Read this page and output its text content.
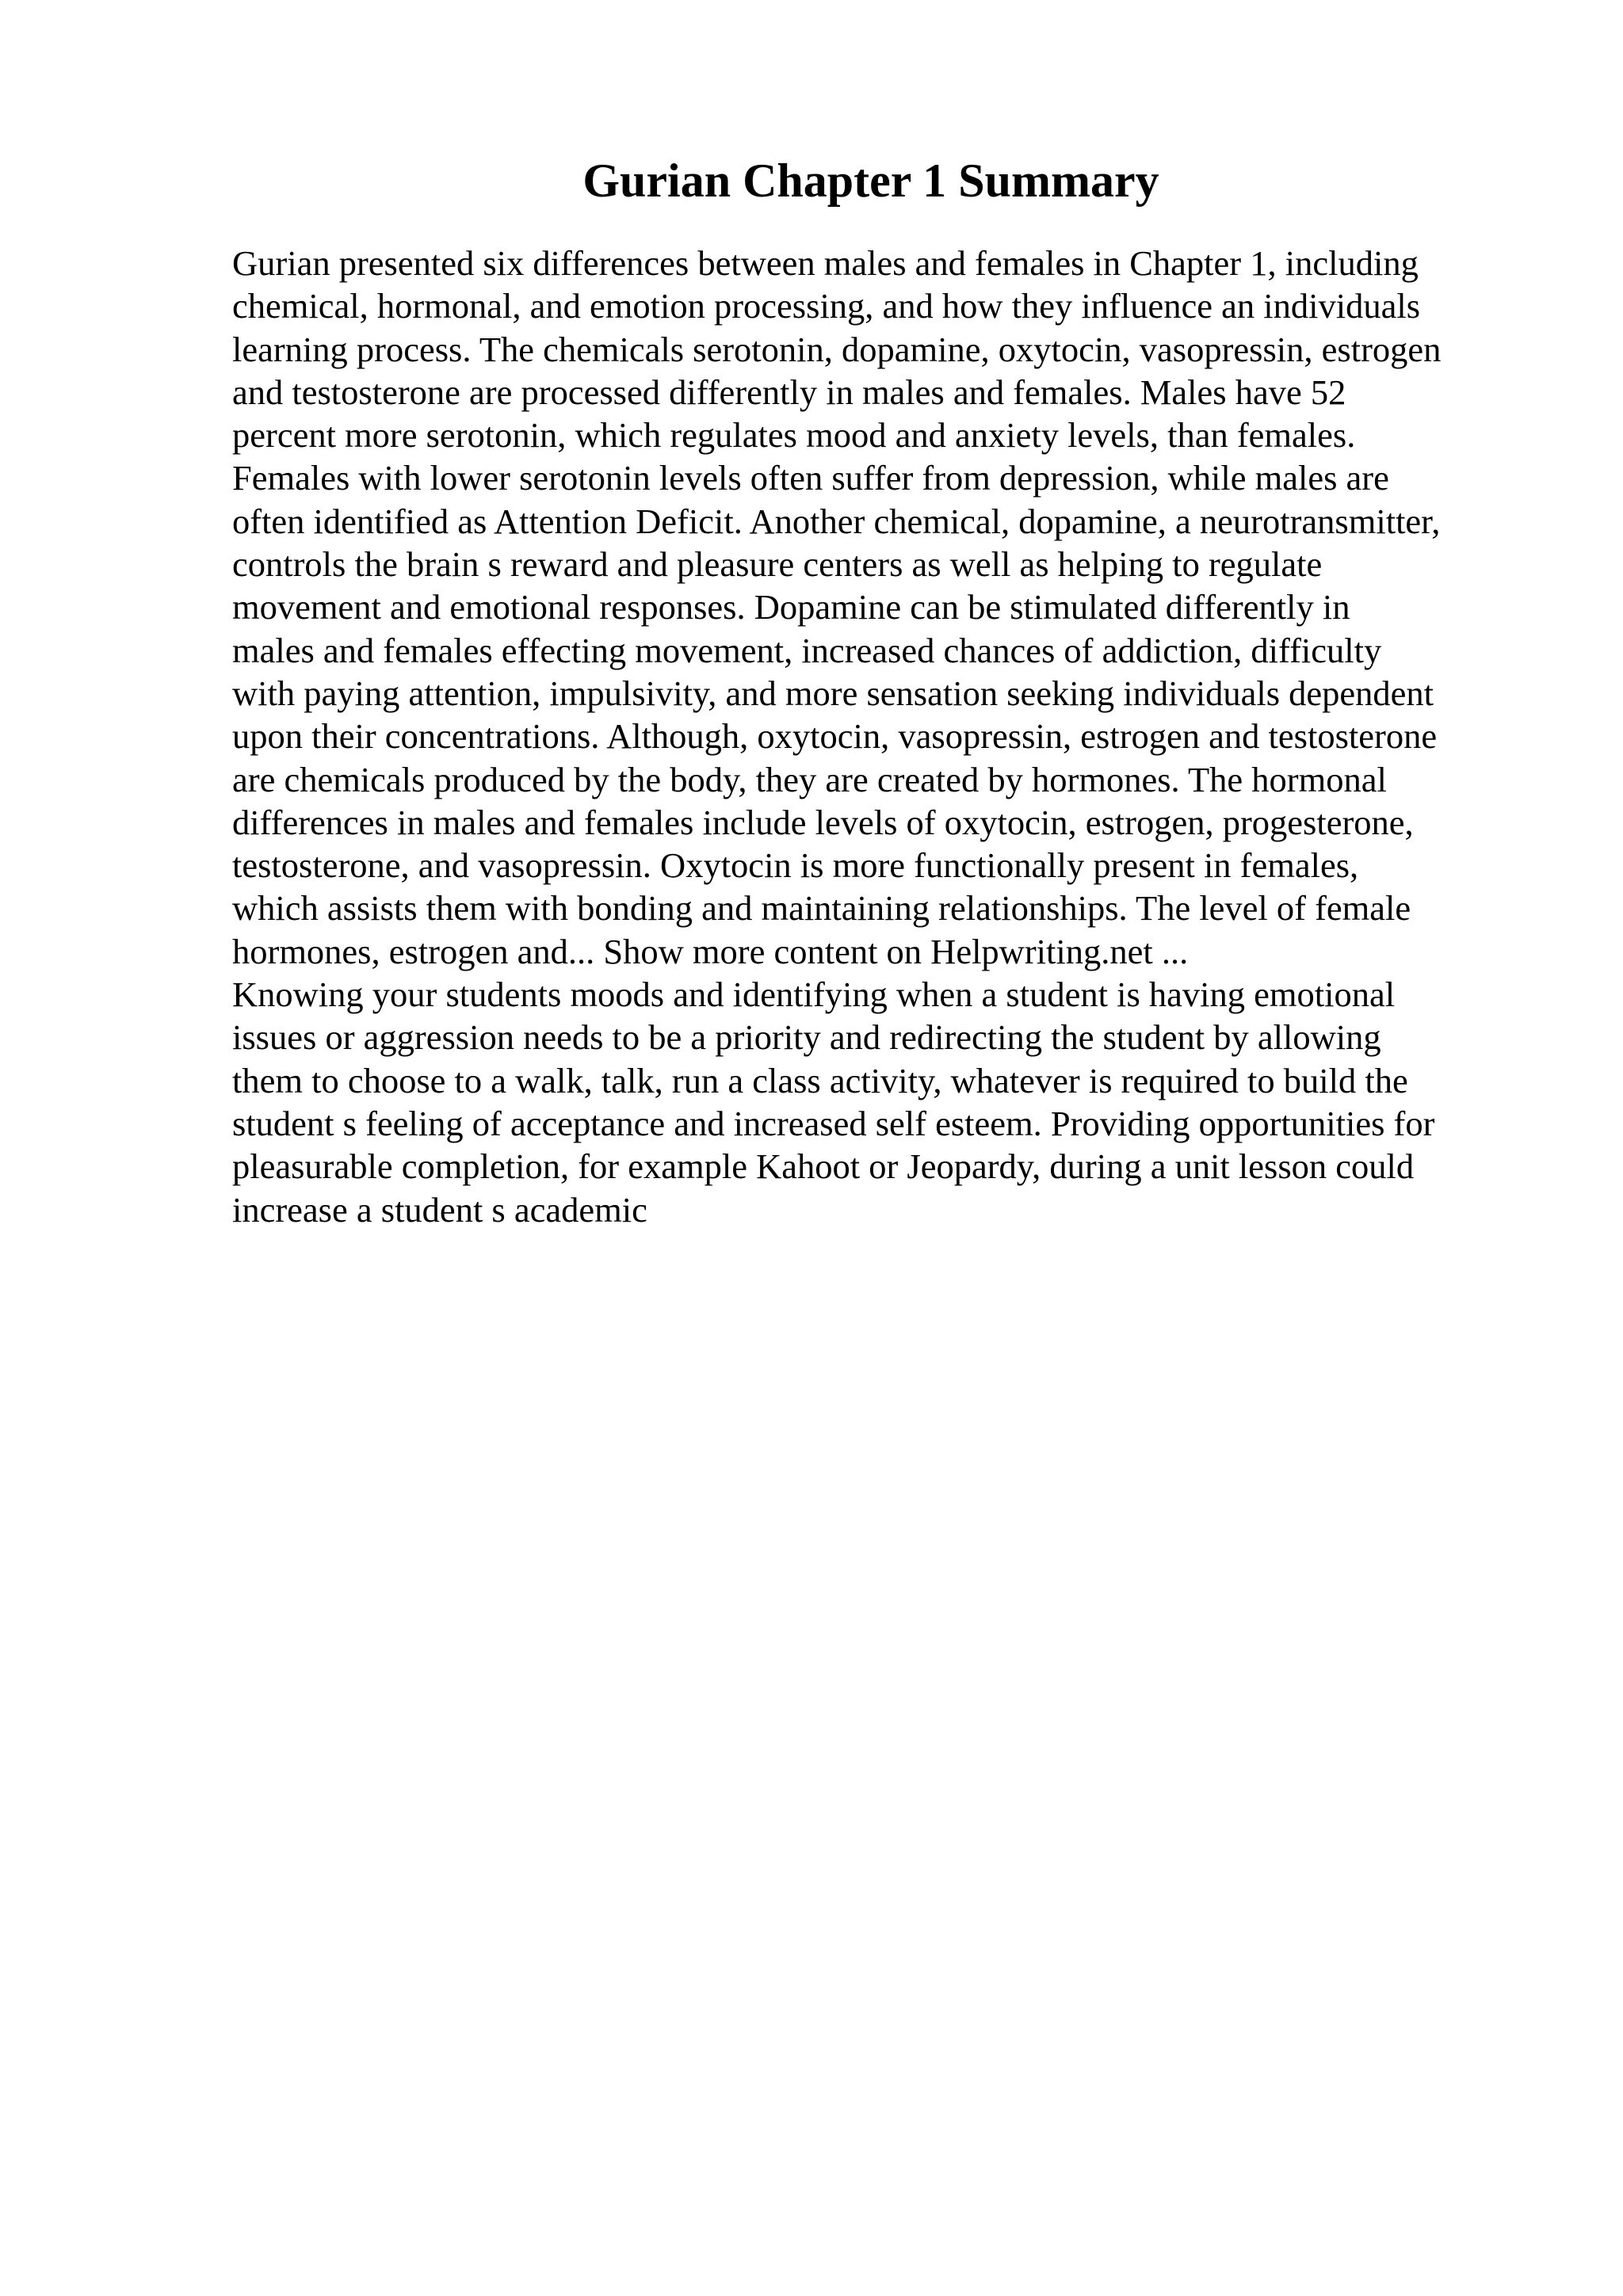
Gurian Chapter 1 Summary
Gurian presented six differences between males and females in Chapter 1, including
chemical, hormonal, and emotion processing, and how they influence an individuals
learning process. The chemicals serotonin, dopamine, oxytocin, vasopressin, estrogen
and testosterone are processed differently in males and females. Males have 52
percent more serotonin, which regulates mood and anxiety levels, than females.
Females with lower serotonin levels often suffer from depression, while males are
often identified as Attention Deficit. Another chemical, dopamine, a neurotransmitter,
controls the brain s reward and pleasure centers as well as helping to regulate
movement and emotional responses. Dopamine can be stimulated differently in
males and females effecting movement, increased chances of addiction, difficulty
with paying attention, impulsivity, and more sensation seeking individuals dependent
upon their concentrations. Although, oxytocin, vasopressin, estrogen and testosterone
are chemicals produced by the body, they are created by hormones. The hormonal
differences in males and females include levels of oxytocin, estrogen, progesterone,
testosterone, and vasopressin. Oxytocin is more functionally present in females,
which assists them with bonding and maintaining relationships. The level of female
hormones, estrogen and... Show more content on Helpwriting.net ...
Knowing your students moods and identifying when a student is having emotional
issues or aggression needs to be a priority and redirecting the student by allowing
them to choose to a walk, talk, run a class activity, whatever is required to build the
student s feeling of acceptance and increased self esteem. Providing opportunities for
pleasurable completion, for example Kahoot or Jeopardy, during a unit lesson could
increase a student s academic
